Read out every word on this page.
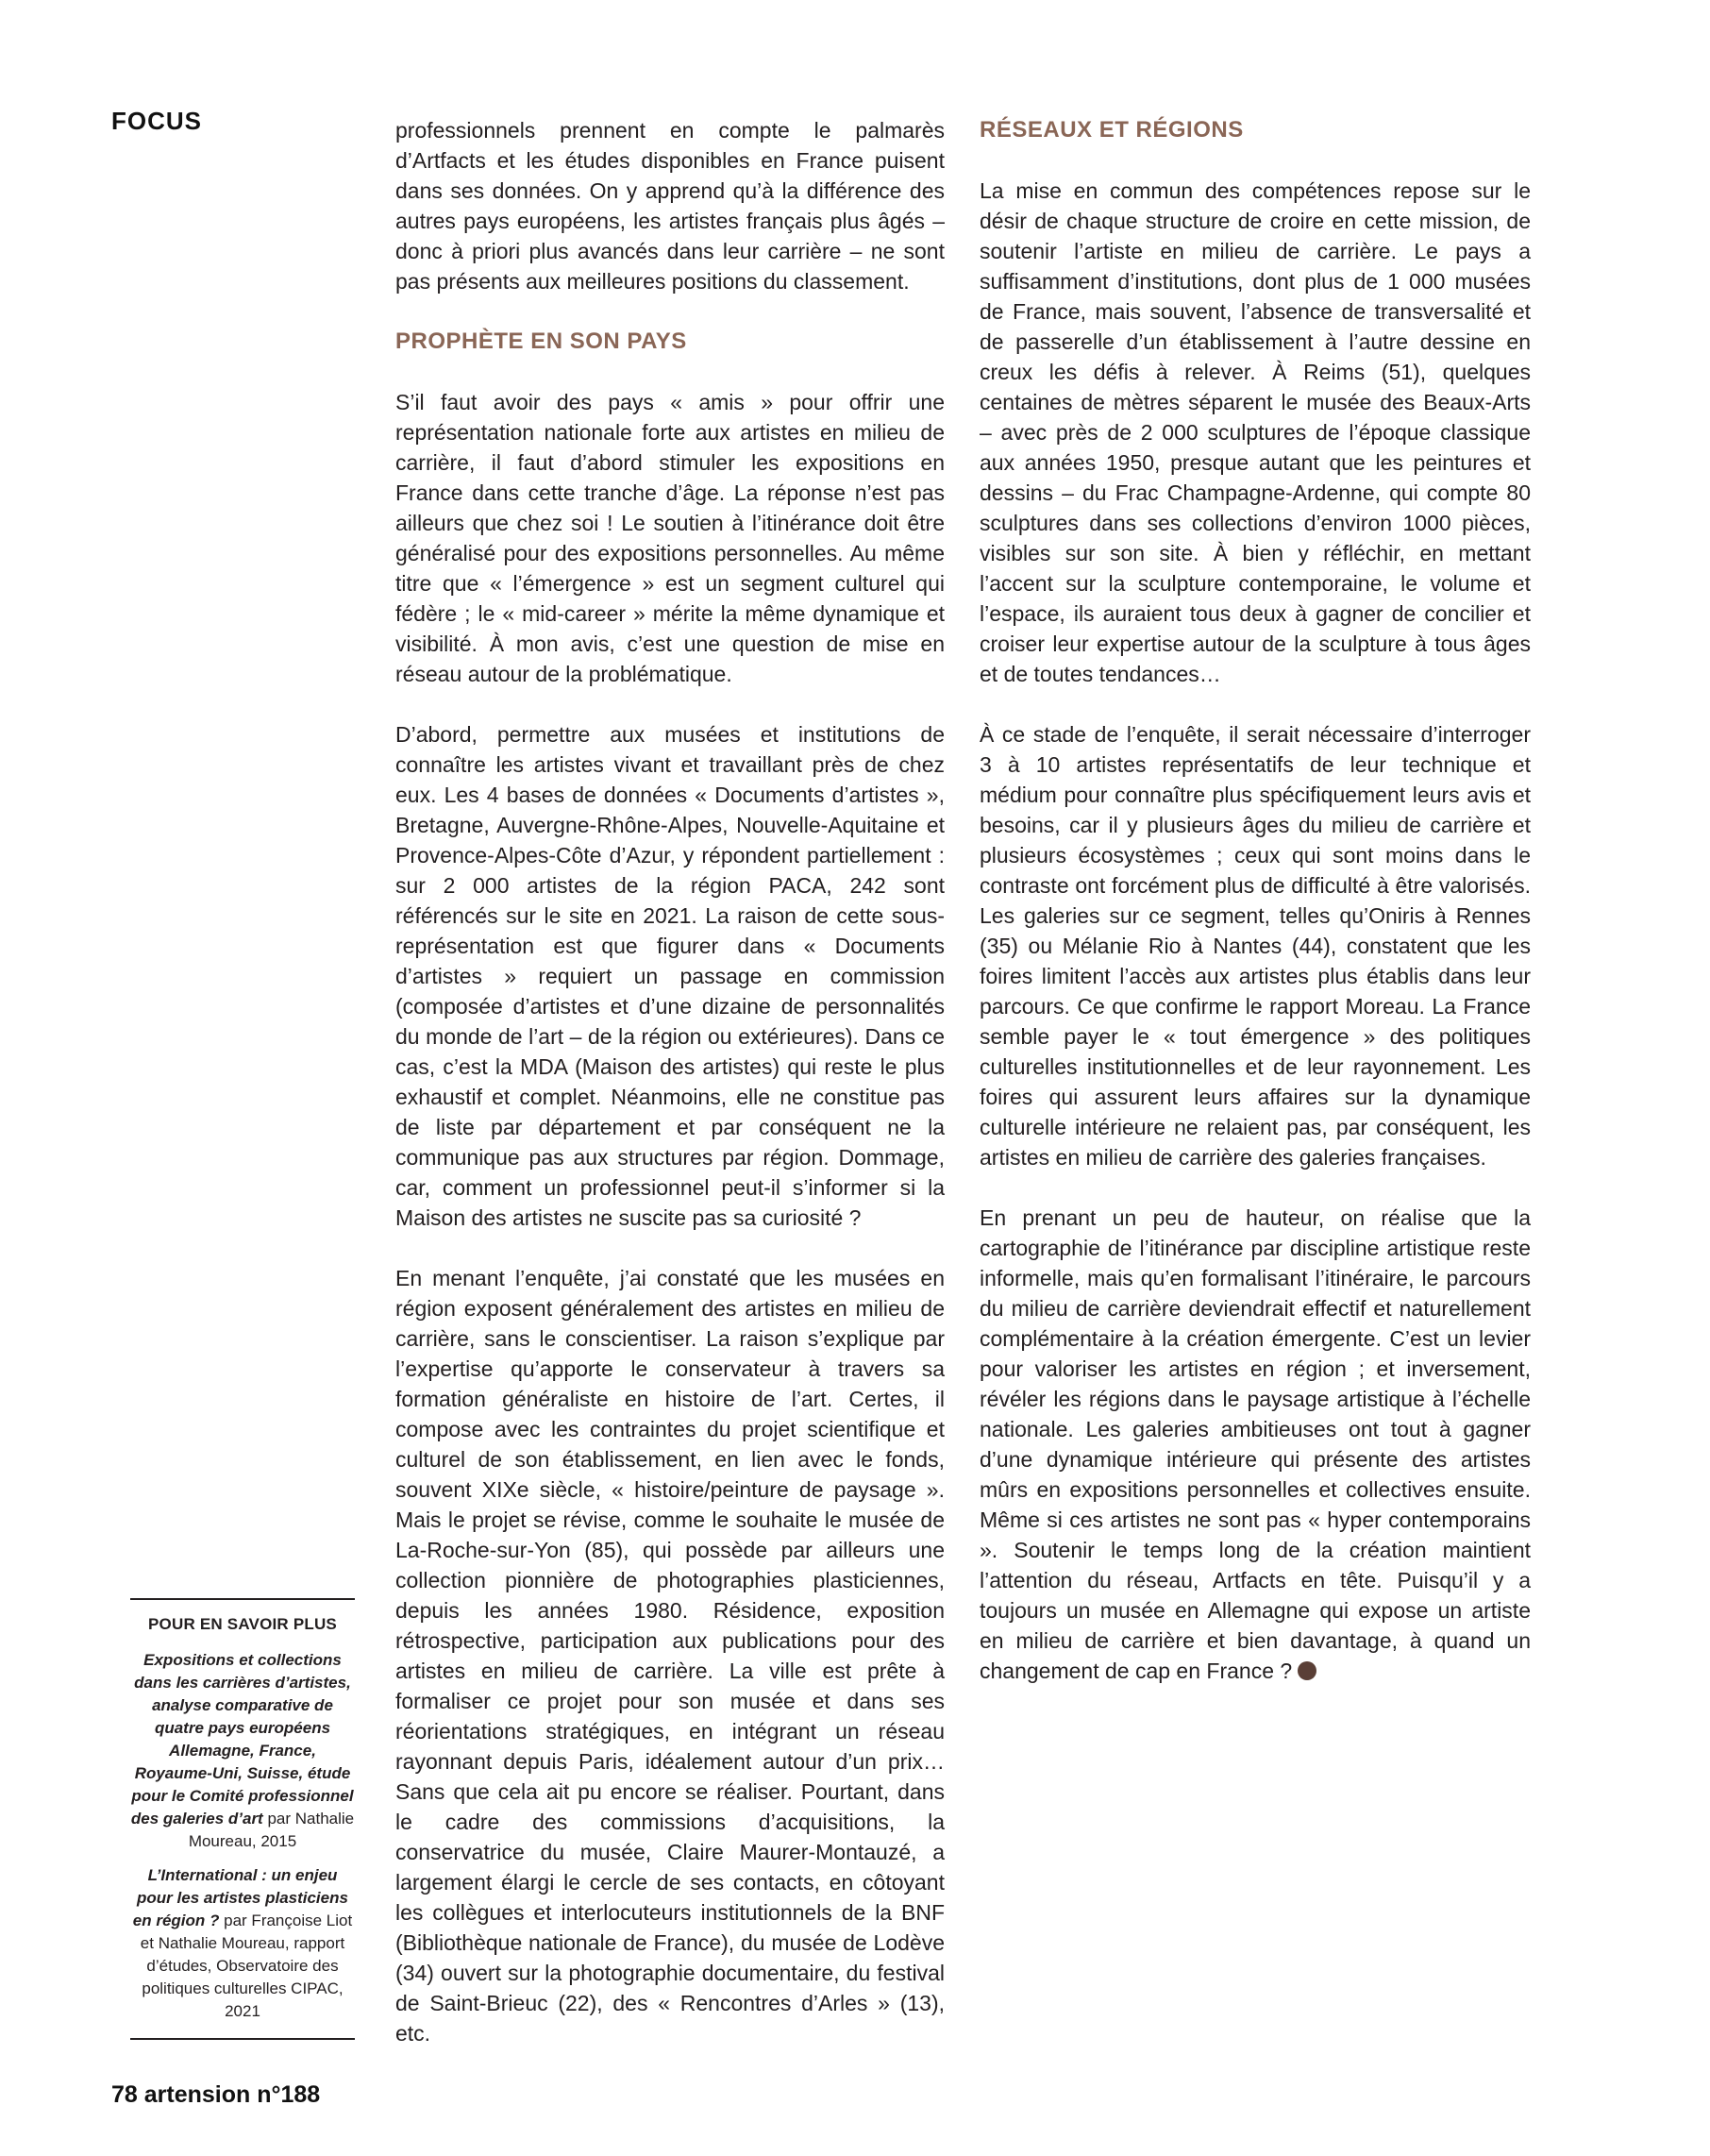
FOCUS	professionnels prennent en compte le palmarès d’Artfacts et les études disponibles en France puisent dans ses données. On y apprend qu’à la différence des autres pays européens, les artistes français plus âgés – donc à priori plus avancés dans leur carrière – ne sont pas présents aux meilleures positions du classement.

PROPHÈTE EN SON PAYS

S’il faut avoir des pays « amis » pour offrir une représentation nationale forte aux artistes en milieu de carrière, il faut d’abord stimuler les expositions en France dans cette tranche d’âge. La réponse n’est pas ailleurs que chez soi ! Le soutien à l’itinérance doit être généralisé pour des expositions personnelles. Au même titre que « l’émergence » est un segment culturel qui fédère ; le « mid-career » mérite la même dynamique et visibilité. À mon avis, c’est une question de mise en réseau autour de la problématique.

D’abord, permettre aux musées et institutions de connaître les artistes vivant et travaillant près de chez eux. Les 4 bases de données « Documents d’artistes », Bretagne, Auvergne-Rhône-Alpes, Nouvelle-Aquitaine et Provence-Alpes-Côte d’Azur, y répondent partiellement : sur 2 000 artistes de la région PACA, 242 sont référencés sur le site en 2021. La raison de cette sous-représentation est que figurer dans « Documents d’artistes » requiert un passage en commission (composée d’artistes et d’une dizaine de personnalités du monde de l’art – de la région ou extérieures). Dans ce cas, c’est la MDA (Maison des artistes) qui reste le plus exhaustif et complet. Néanmoins, elle ne constitue pas de liste par département et par conséquent ne la communique pas aux structures par région. Dommage, car, comment un professionnel peut-il s’informer si la Maison des artistes ne suscite pas sa curiosité ?

En menant l’enquête, j’ai constaté que les musées en région exposent généralement des artistes en milieu de carrière, sans le conscientiser. La raison s’explique par l’expertise qu’apporte le conservateur à travers sa formation généraliste en histoire de l’art. Certes, il compose avec les contraintes du projet scientifique et culturel de son établissement, en lien avec le fonds, souvent XIXe siècle, « histoire/peinture de paysage ». Mais le projet se révise, comme le souhaite le musée de La-Roche-sur-Yon (85), qui possède par ailleurs une collection pionnière de photographies plasticiennes, depuis les années 1980. Résidence, exposition rétrospective, participation aux publications pour des artistes en milieu de carrière. La ville est prête à formaliser ce projet pour son musée et dans ses réorientations stratégiques, en intégrant un réseau rayonnant depuis Paris, idéalement autour d’un prix… Sans que cela ait pu encore se réaliser. Pourtant, dans le cadre des commissions d’acquisitions, la conservatrice du musée, Claire Maurer-Montauzé, a largement élargi le cercle de ses contacts, en côtoyant les collègues et interlocuteurs institutionnels de la BNF (Bibliothèque nationale de France), du musée de Lodève (34) ouvert sur la photographie documentaire, du festival de Saint-Brieuc (22), des « Rencontres d’Arles » (13), etc.

RÉSEAUX ET RÉGIONS

La mise en commun des compétences repose sur le désir de chaque structure de croire en cette mission, de soutenir l’artiste en milieu de carrière. Le pays a suffisamment d’institutions, dont plus de 1 000 musées de France, mais souvent, l’absence de transversalité et de passerelle d’un établissement à l’autre dessine en creux les défis à relever. À Reims (51), quelques centaines de mètres séparent le musée des Beaux-Arts – avec près de 2 000 sculptures de l’époque classique aux années 1950, presque autant que les peintures et dessins – du Frac Champagne-Ardenne, qui compte 80 sculptures dans ses collections d’environ 1000 pièces, visibles sur son site. À bien y réfléchir, en mettant l’accent sur la sculpture contemporaine, le volume et l’espace, ils auraient tous deux à gagner de concilier et croiser leur expertise autour de la sculpture à tous âges et de toutes tendances…

À ce stade de l’enquête, il serait nécessaire d’interroger 3 à 10 artistes représentatifs de leur technique et médium pour connaître plus spécifiquement leurs avis et besoins, car il y plusieurs âges du milieu de carrière et plusieurs écosystèmes ; ceux qui sont moins dans le contraste ont forcément plus de difficulté à être valorisés. Les galeries sur ce segment, telles qu’Oniris à Rennes (35) ou Mélanie Rio à Nantes (44), constatent que les foires limitent l’accès aux artistes plus établis dans leur parcours. Ce que confirme le rapport Moreau. La France semble payer le « tout émergence » des politiques culturelles institutionnelles et de leur rayonnement. Les foires qui assurent leurs affaires sur la dynamique culturelle intérieure ne relaient pas, par conséquent, les artistes en milieu de carrière des galeries françaises.

En prenant un peu de hauteur, on réalise que la cartographie de l’itinérance par discipline artistique reste informelle, mais qu’en formalisant l’itinéraire, le parcours du milieu de carrière deviendrait effectif et naturellement complémentaire à la création émergente. C’est un levier pour valoriser les artistes en région ; et inversement, révéler les régions dans le paysage artistique à l’échelle nationale. Les galeries ambitieuses ont tout à gagner d’une dynamique intérieure qui présente des artistes mûrs en expositions personnelles et collectives ensuite. Même si ces artistes ne sont pas « hyper contemporains ». Soutenir le temps long de la création maintient l’attention du réseau, Artfacts en tête. Puisqu’il y a toujours un musée en Allemagne qui expose un artiste en milieu de carrière et bien davantage, à quand un changement de cap en France ?

POUR EN SAVOIR PLUS

Expositions et collections dans les carrières d’artistes, analyse comparative de quatre pays européens Allemagne, France, Royaume-Uni, Suisse, étude pour le Comité professionnel des galeries d’art par Nathalie Moureau, 2015

L’International : un enjeu pour les artistes plasticiens en région ? par Françoise Liot et Nathalie Moureau, rapport d’études, Observatoire des politiques culturelles CIPAC, 2021

78 artension n°188
